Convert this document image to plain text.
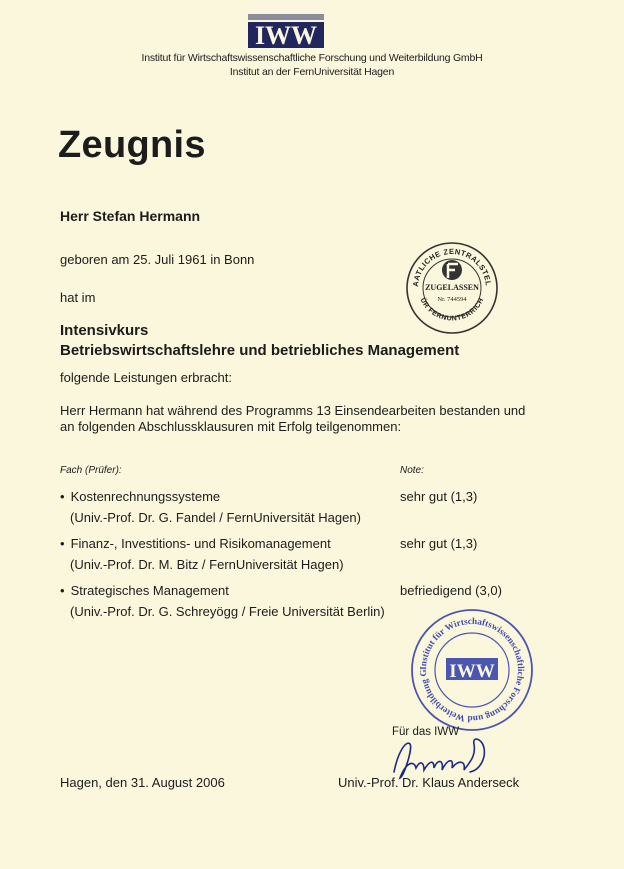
IWW
Institut für Wirtschaftswissenschaftliche Forschung und Weiterbildung GmbH
Institut an der FernUniversität Hagen
Zeugnis
Herr Stefan Hermann
geboren am 25. Juli 1961 in Bonn
hat im
AATLICHE ZENTRALSTEL
ÜR FERNUNTERRICH
ZUGELASSEN
Nr. 744594
Intensivkurs
Betriebswirtschaftslehre und betriebliches Management
folgende Leistungen erbracht:
Herr Hermann hat während des Programms 13 Einsendearbeiten bestanden und
an folgenden Abschlussklausuren mit Erfolg teilgenommen:
Fach (Prüfer):	Note:
• Kostenrechnungssysteme	sehr gut (1,3)
(Univ.-Prof. Dr. G. Fandel / FernUniversität Hagen)
• Finanz-, Investitions- und Risikomanagement	sehr gut (1,3)
(Univ.-Prof. Dr. M. Bitz / FernUniversität Hagen)
• Strategisches Management	befriedigend (3,0)
(Univ.-Prof. Dr. G. Schreyögg / Freie Universität Berlin)
Institut für Wirtschaftswissenschaftliche Forschung und Weiterbildung G	IWW
Für das IWW
Hagen, den 31. August 2006	Univ.-Prof. Dr. Klaus Anderseck
